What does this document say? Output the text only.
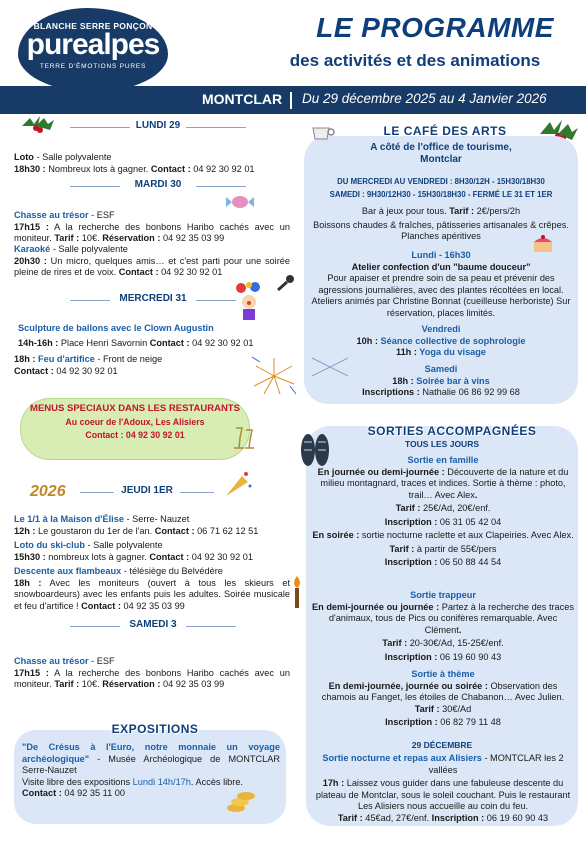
BLANCHE SERRE PONÇON
purealpes
TERRE D'ÉMOTIONS PURES
LE PROGRAMME
des activités et des animations
MONTCLAR Du 29 décembre 2025 au 4 Janvier 2026
LUNDI 29
Loto - Salle polyvalente
18h30 : Nombreux lots à gagner. Contact : 04 92 30 92 01
MARDI 30
Chasse au trésor - ESF
17h15 : A la recherche des bonbons Haribo cachés avec un moniteur. Tarif : 10€. Réservation : 04 92 35 03 99
Karaoké - Salle polyvalente
20h30 : Un micro, quelques amis… et c'est parti pour une soirée pleine de rires et de voix. Contact : 04 92 30 92 01
MERCREDI 31
Sculpture de ballons avec le Clown Augustin
14h-16h : Place Henri Savornin Contact : 04 92 30 92 01
18h : Feu d'artifice - Front de neige
Contact : 04 92 30 92 01
MENUS SPECIAUX DANS LES RESTAURANTS
Au coeur de l'Adoux, Les Alisiers
Contact : 04 92 30 92 01
2026	JEUDI 1ER
Le 1/1 à la Maison d'Élise - Serre- Nauzet
12h : Le goustaron du 1er de l'an. Contact : 06 71 62 12 51
Loto du ski-club - Salle polyvalente
15h30 : nombreux lots à gagner. Contact : 04 92 30 92 01
Descente aux flambeaux - télésiège du Belvédère
18h : Avec les moniteurs (ouvert à tous les skieurs et snowboardeurs) avec les enfants puis les adultes. Soirée musicale et feu d'artifice ! Contact : 04 92 35 03 99
SAMEDI 3
Chasse au trésor - ESF
17h15 : A la recherche des bonbons Haribo cachés avec un moniteur. Tarif : 10€. Réservation : 04 92 35 03 99
EXPOSITIONS
"De Crésus à l'Euro, notre monnaie un voyage archéologique" - Musée Archéologique de MONTCLAR Serre-Nauzet
Visite libre des expositions Lundi 14h/17h. Accès libre.
Contact : 04 92 35 11 00
LE CAFÉ DES ARTS
A côté de l'office de tourisme,
Montclar
DU MERCREDI AU VENDREDI : 8H30/12H - 15H30/18H30
SAMEDI : 9H30/12H30 - 15H30/18H30 - FERMÉ LE 31 ET 1ER
Bar à jeux pour tous. Tarif : 2€/pers/2h
Boissons chaudes & fraîches, pâtisseries artisanales & crêpes. Planches apéritives
Lundi - 16h30
Atelier confection d'un "baume douceur"
Pour apaiser et prendre soin de sa peau et prévenir des agressions journalières, avec des plantes récoltées en local. Ateliers animés par Christine Bonnat (cueilleuse herboriste) Sur réservation, places limités.
Vendredi
10h : Séance collective de sophrologie
11h : Yoga du visage
Samedi
18h : Soirée bar à vins
Inscriptions : Nathalie 06 86 92 99 68
SORTIES ACCOMPAGNÉES
TOUS LES JOURS
Sortie en famille
En journée ou demi-journée : Découverte de la nature et du milieu montagnard, traces et indices. Sortie à thème : photo, trail… Avec Alex.
Tarif : 25€/Ad, 20€/enf.
Inscription : 06 31 05 42 04
En soirée : sortie nocturne raclette et aux Clapeiries. Avec Alex.
Tarif : à partir de 55€/pers
Inscription : 06 50 88 44 54
Sortie trappeur
En demi-journée ou journée : Partez à la recherche des traces d'animaux, tous de Pics ou conifères remarquable. Avec Clément.
Tarif : 20-30€/Ad, 15-25€/enf.
Inscription : 06 19 60 90 43
Sortie à thème
En demi-journée, journée ou soirée : Observation des chamois au Fanget, les étoiles de Chabanon… Avec Julien. Tarif : 30€/Ad
Inscription : 06 82 79 11 48
29 DÉCEMBRE
Sortie nocturne et repas aux Alisiers - MONTCLAR les 2 vallées
17h : Laissez vous guider dans une fabuleuse descente du plateau de Montclar, sous le soleil couchant. Puis le restaurant Les Alisiers nous accueille au coin du feu.
Tarif : 45€ad, 27€/enf. Inscription : 06 19 60 90 43
